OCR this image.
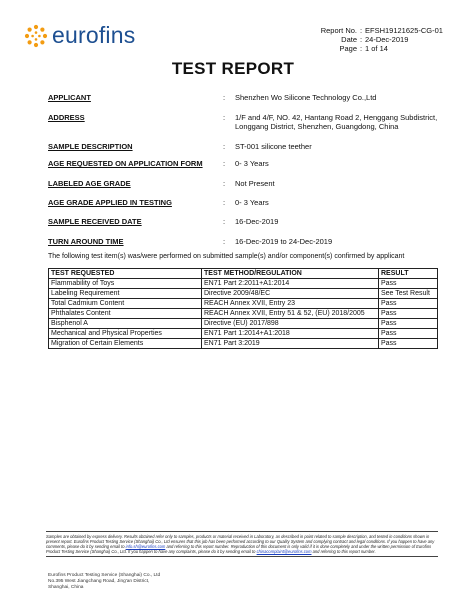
eurofins	Report No. : EFSH19121625-CG-01
Date : 24-Dec-2019
Page : 1 of 14
TEST REPORT
APPLICANT	: Shenzhen Wo Silicone Technology Co.,Ltd
ADDRESS	: 1/F and 4/F, NO. 42, Hantang Road 2, Henggang Subdistrict, Longgang District, Shenzhen, Guangdong, China
SAMPLE DESCRIPTION	: ST-001 silicone teether
AGE REQUESTED ON APPLICATION FORM	: 0- 3 Years
LABELED AGE GRADE	: Not Present
AGE GRADE APPLIED IN TESTING	: 0- 3 Years
SAMPLE RECEIVED DATE	: 16-Dec-2019
TURN AROUND TIME	: 16-Dec-2019 to 24-Dec-2019
The following test item(s) was/were performed on submitted sample(s) and/or component(s) confirmed by applicant
TEST REQUESTED	TEST METHOD/REGULATION	RESULT
Flammability of Toys	EN71 Part 2:2011+A1:2014	Pass
Labeling Requirement	Directive 2009/48/EC	See Test Result
Total Cadmium Content	REACH Annex XVII, Entry 23	Pass
Phthalates Content	REACH Annex XVII, Entry 51 & 52, (EU) 2018/2005	Pass
Bisphenol A	Directive (EU) 2017/898	Pass
Mechanical and Physical Properties	EN71 Part 1:2014+A1:2018	Pass
Migration of Certain Elements	EN71 Part 3:2019	Pass
Samples are obtained by express delivery. Results obtained refer only to samples, products or material received in Laboratory, as described in point related to sample description, and tested in conditions shown in present report. Eurofins Product Testing Service (Shanghai) Co., Ltd ensures that this job has been performed according to our Quality System and complying contract and legal conditions. If you happen to have any comments, please do it by sending email to info.sh@eurofins.com and referring to this report number. Reproduction of this document is only valid if it is done completely and under the written permission of Eurofins Product Testing Service (Shanghai) Co., Ltd. If you happen to have any complaints, please do it by sending email to chinacomplaint@eurofins.com and referring to this report number.
Eurofins Product Testing Service (Shanghai) Co., Ltd
No.395 West Jiangchang Road, Jing'an District,
Shanghai, China
